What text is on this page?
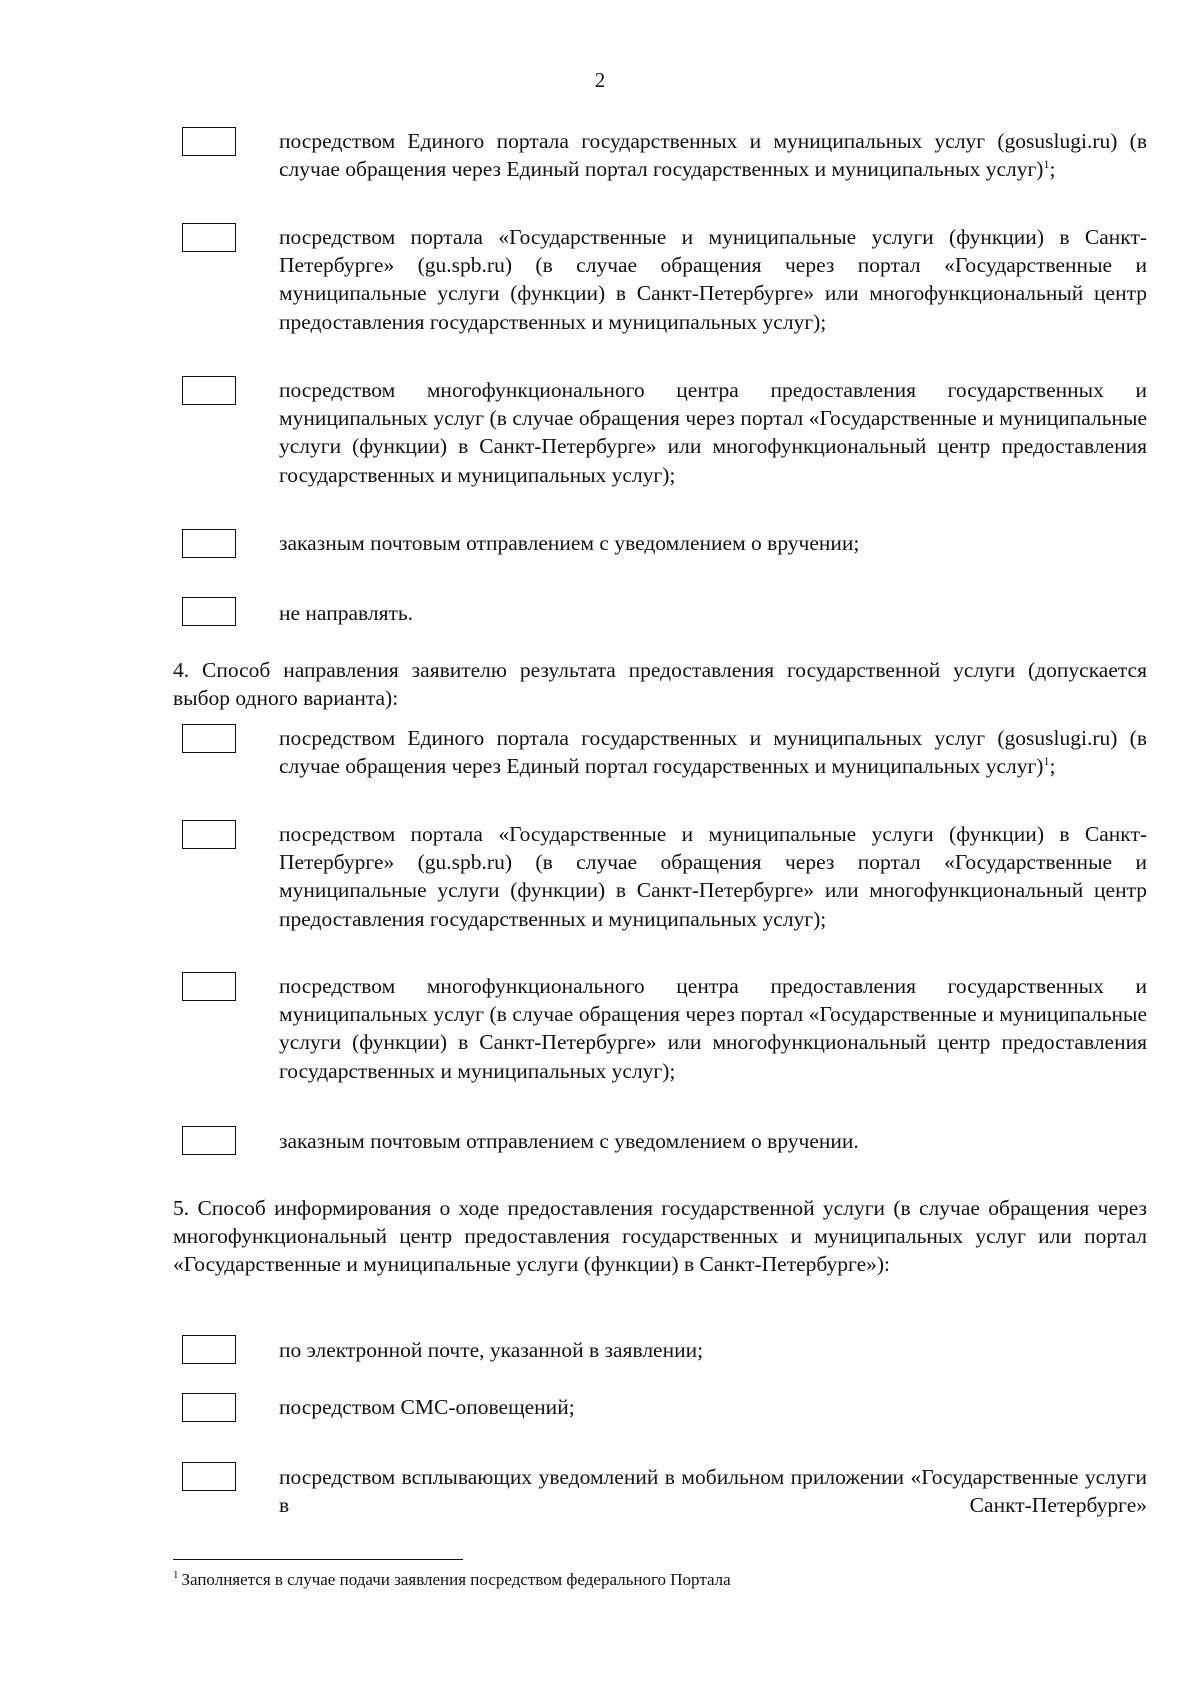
2
посредством Единого портала государственных и муниципальных услуг (gosuslugi.ru) (в случае обращения через Единый портал государственных и муниципальных услуг)$^1$;
посредством портала «Государственные и муниципальные услуги (функции) в Санкт-Петербурге» (gu.spb.ru) (в случае обращения через портал «Государственные и муниципальные услуги (функции) в Санкт-Петербурге» или многофункциональный центр предоставления государственных и муниципальных услуг);
посредством многофункционального центра предоставления государственных и муниципальных услуг (в случае обращения через портал «Государственные и муниципальные услуги (функции) в Санкт-Петербурге» или многофункциональный центр предоставления государственных и муниципальных услуг);
заказным почтовым отправлением с уведомлением о вручении;
не направлять.
4. Способ направления заявителю результата предоставления государственной услуги (допускается выбор одного варианта):
посредством Единого портала государственных и муниципальных услуг (gosuslugi.ru) (в случае обращения через Единый портал государственных и муниципальных услуг)$^1$;
посредством портала «Государственные и муниципальные услуги (функции) в Санкт-Петербурге» (gu.spb.ru) (в случае обращения через портал «Государственные и муниципальные услуги (функции) в Санкт-Петербурге» или многофункциональный центр предоставления государственных и муниципальных услуг);
посредством многофункционального центра предоставления государственных и муниципальных услуг (в случае обращения через портал «Государственные и муниципальные услуги (функции) в Санкт-Петербурге» или многофункциональный центр предоставления государственных и муниципальных услуг);
заказным почтовым отправлением с уведомлением о вручении.
5. Способ информирования о ходе предоставления государственной услуги (в случае обращения через многофункциональный центр предоставления государственных и муниципальных услуг или портал «Государственные и муниципальные услуги (функции) в Санкт-Петербурге»):
по электронной почте, указанной в заявлении;
посредством СМС-оповещений;
посредством всплывающих уведомлений в мобильном приложении «Государственные услуги в Санкт-Петербурге»
$^1$ Заполняется в случае подачи заявления посредством федерального Портала
